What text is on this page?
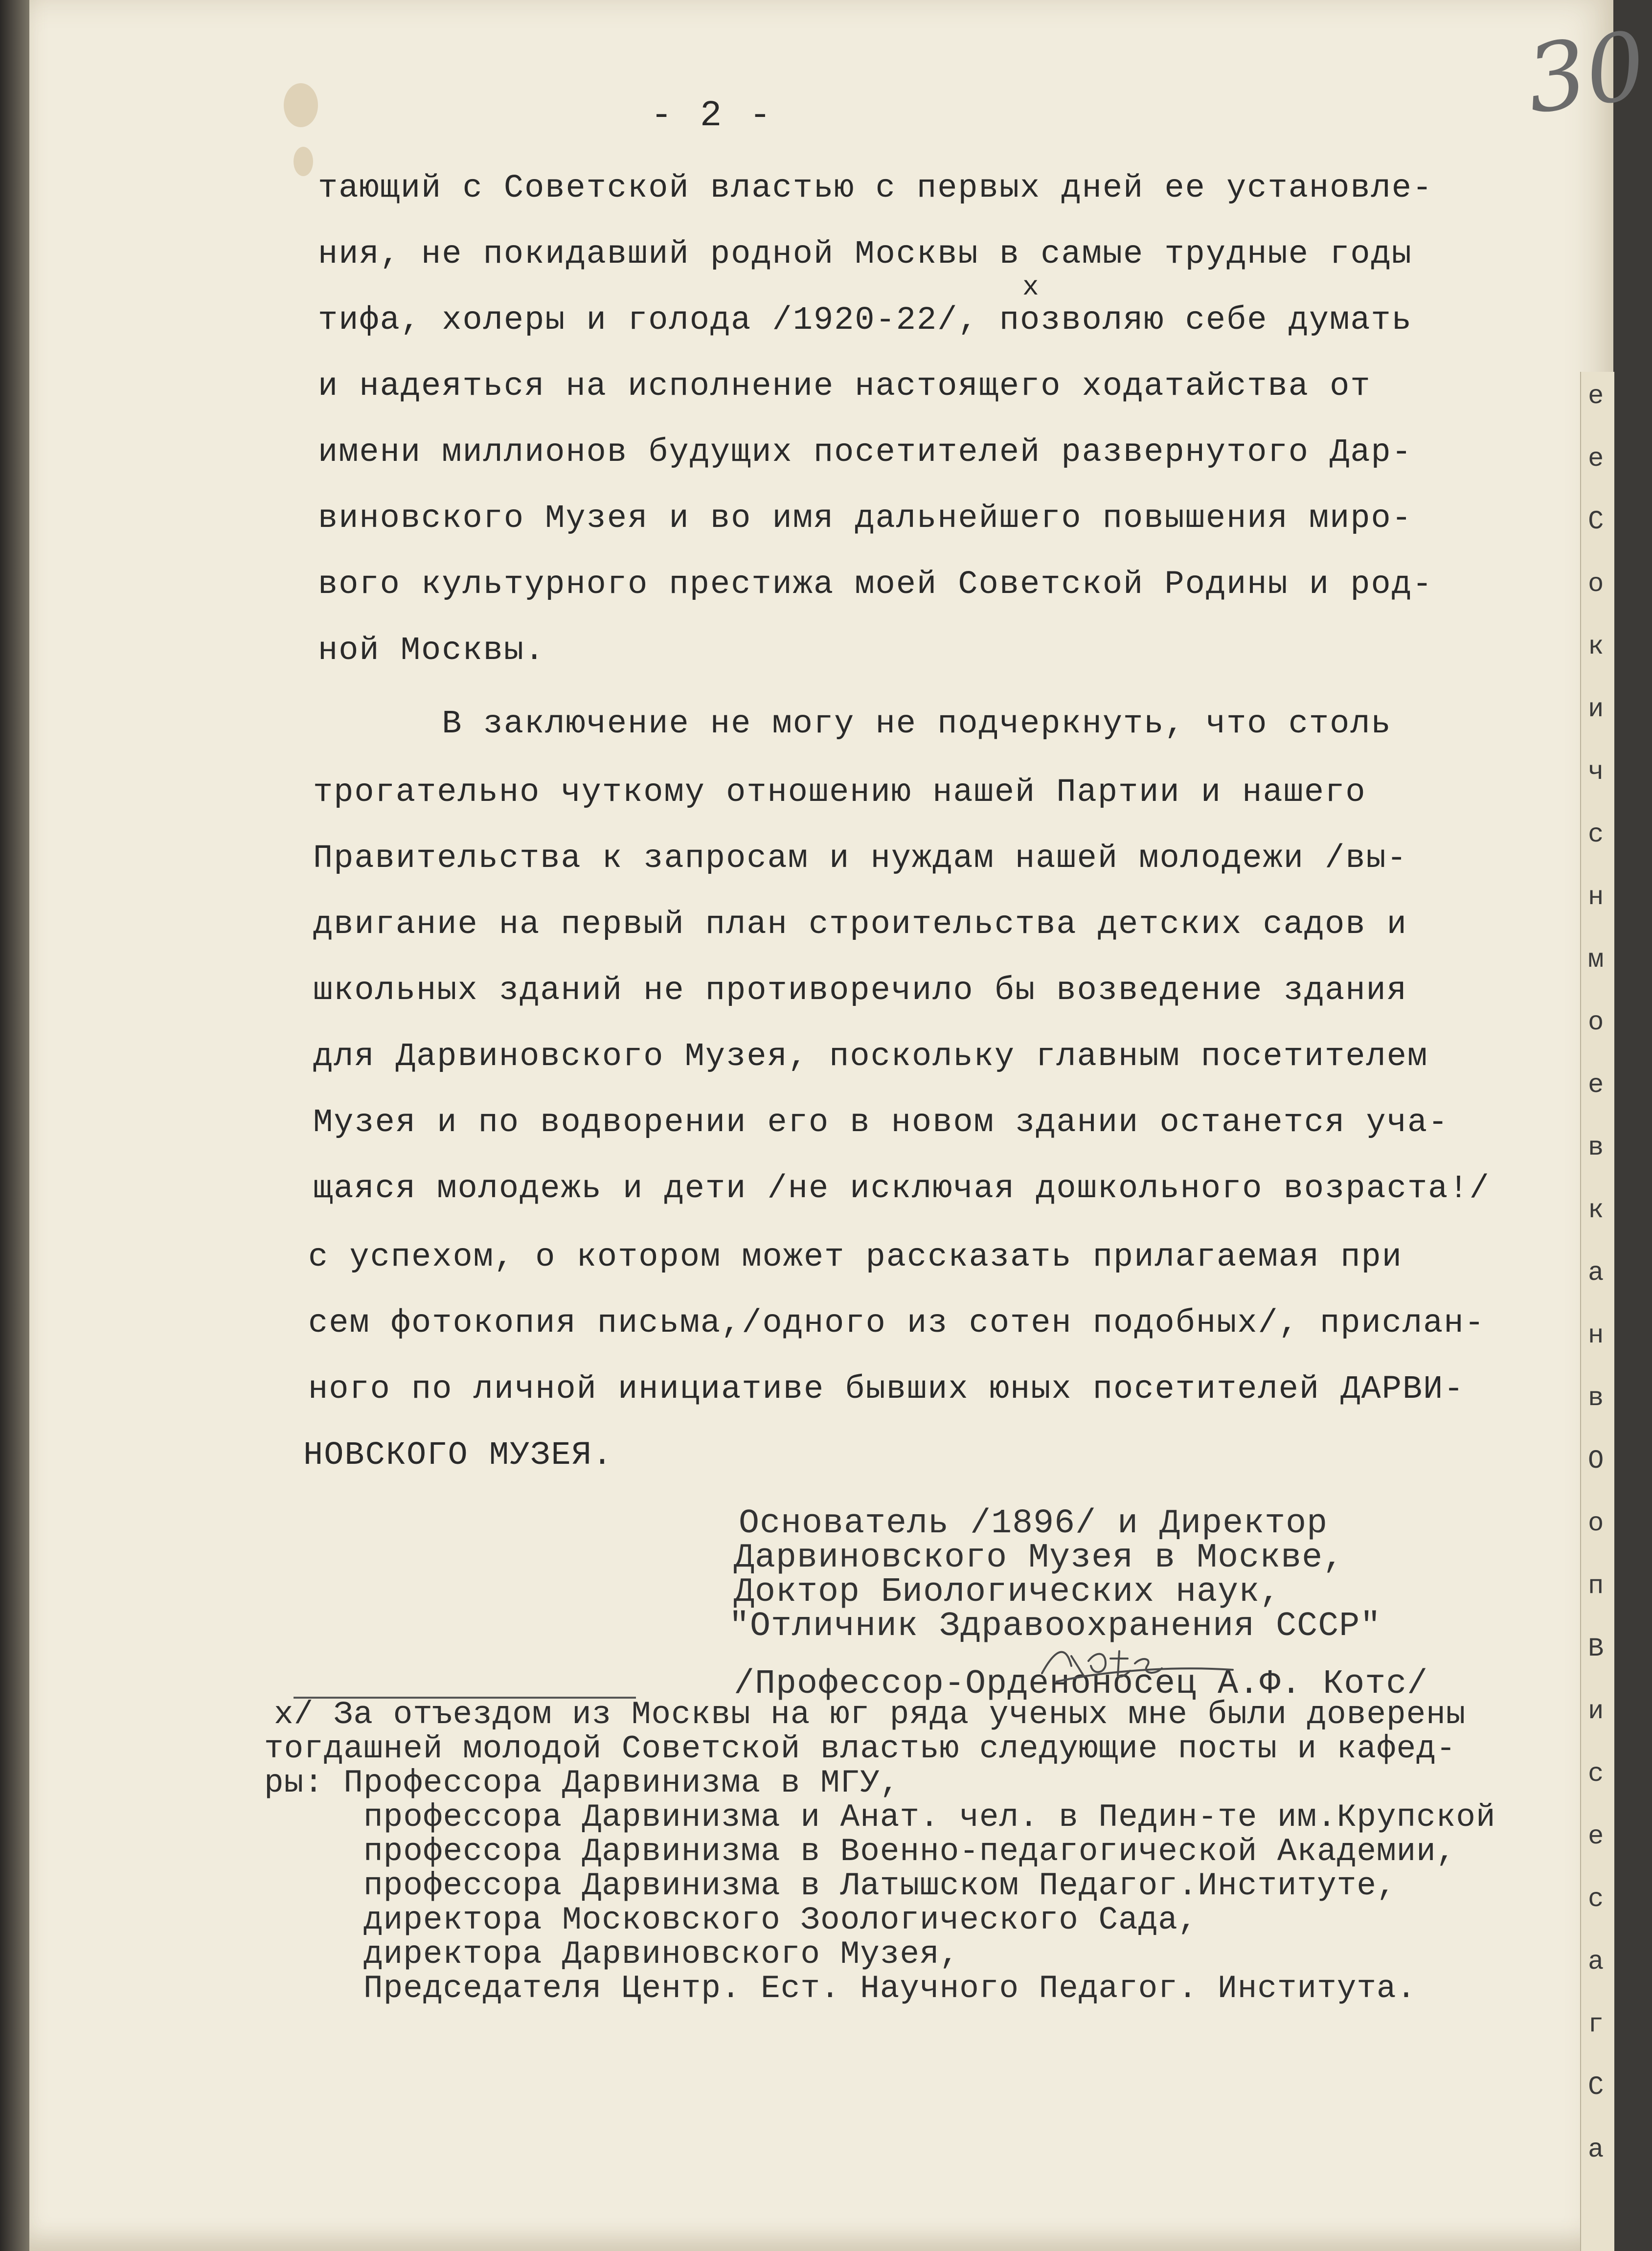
30
- 2 -
x
тающий с Советской властью с первых дней ее установле-
ния, не покидавший родной Москвы в самые трудные годы
тифа, холеры и голода /1920-22/, позволяю себе думать
и надеяться на исполнение настоящего ходатайства от
имени миллионов будущих посетителей развернутого Дар-
виновского Музея и во имя дальнейшего повышения миро-
вого культурного престижа моей Советской Родины и род-
ной Москвы.
В заключение не могу не подчеркнуть, что столь
трогательно чуткому отношению нашей Партии и нашего
Правительства к запросам и нуждам нашей молодежи /вы-
двигание на первый план строительства детских садов и
школьных зданий не противоречило бы возведение здания
для Дарвиновского Музея, поскольку главным посетителем
Музея и по водворении его в новом здании останется уча-
щаяся молодежь и дети /не исключая дошкольного возраста!/
с успехом, о котором может рассказать прилагаемая при
сем фотокопия письма,/одного из сотен подобных/, прислан-
ного по личной инициативе бывших юных посетителей ДАРВИ-
НОВСКОГО МУЗЕЯ.
Основатель /1896/ и Директор
Дарвиновского Музея в Москве,
Доктор Биологических наук,
"Отличник Здравоохранения СССР"
/Профессор-Орденоносец А.Ф. Котс/
x/ За отъездом из Москвы на юг ряда ученых мне были доверены
тогдашней молодой Советской властью следующие посты и кафед-
ры: Профессора Дарвинизма в МГУ,
профессора Дарвинизма и Анат. чел. в Педин-те им.Крупской
профессора Дарвинизма в Военно-педагогической Академии,
профессора Дарвинизма в Латышском Педагог.Институте,
директора Московского Зоологического Сада,
директора Дарвиновского Музея,
Председателя Центр. Ест. Научного Педагог. Института.
е
е
С
о
к
и
ч
с
н
м
о
е
в
к
а
н
в
О
о
п
В
и
с
е
с
а
г
С
а
